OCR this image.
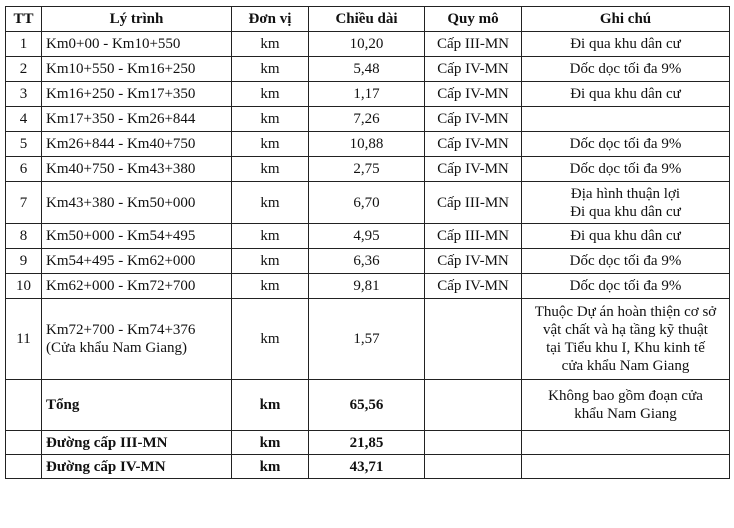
TT	Lý trình	Đơn vị	Chiều dài	Quy mô	Ghi chú
1	Km0+00 - Km10+550	km	10,20	Cấp III-MN	Đi qua khu dân cư
2	Km10+550 - Km16+250	km	5,48	Cấp IV-MN	Dốc dọc tối đa 9%
3	Km16+250 - Km17+350	km	1,17	Cấp IV-MN	Đi qua khu dân cư
4	Km17+350 - Km26+844	km	7,26	Cấp IV-MN	
5	Km26+844 - Km40+750	km	10,88	Cấp IV-MN	Dốc dọc tối đa 9%
6	Km40+750 - Km43+380	km	2,75	Cấp IV-MN	Dốc dọc tối đa 9%
7	Km43+380 - Km50+000	km	6,70	Cấp III-MN	Địa hình thuận lợi
Đi qua khu dân cư

8	Km50+000 - Km54+495	km	4,95	Cấp III-MN	Đi qua khu dân cư
9	Km54+495 - Km62+000	km	6,36	Cấp IV-MN	Dốc dọc tối đa 9%
10	Km62+000 - Km72+700	km	9,81	Cấp IV-MN	Dốc dọc tối đa 9%
11	Km72+700 - Km74+376
(Cửa khẩu Nam Giang)	km	1,57		Thuộc Dự án hoàn thiện cơ sở
vật chất và hạ tầng kỹ thuật
tại Tiểu khu I, Khu kinh tế
cửa khẩu Nam Giang

	Tổng	km	65,56		Không bao gồm đoạn cửa
khẩu Nam Giang

	Đường cấp III-MN	km	21,85		
	Đường cấp IV-MN	km	43,71		
